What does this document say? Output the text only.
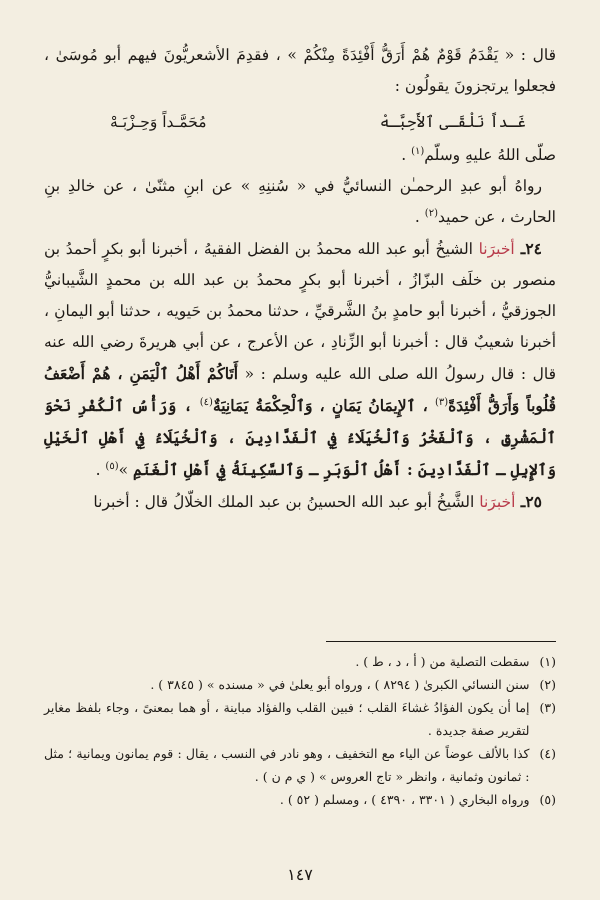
قال : « يَقْدَمُ قَوْمٌ هُمْ أَرَقُّ أَفْئِدَةً مِنْكُمْ » ، فقدِمَ الأشعريُّونَ فيهم أبو مُوسَىٰ ، فجعلوا يرتجزونَ يقولُون :

غَـداً نَلْقَـى ٱلأَحِبَّـهْ
مُحَمَّـداً وَحِـزْبَـهْ

صلّى اللهُ عليهِ وسلّم$^{(١)}$ .

رواهُ أبو عبدِ الرحمـٰن النسائيُّ في « سُننِهِ » عن ابنِ مثنّىٰ ، عن خالدِ بنِ الحارث ، عن حميد$^{(٢)}$ .

٢٤ـ أخبرَنا الشيخُ أبو عبد الله محمدُ بن الفضل الفقيهُ ، أخبرنا أبو بكرٍ أحمدُ بن منصور بن خلَف البزّازُ ، أخبرنا أبو بكرٍ محمدُ بن عبد الله بن محمدٍ الشَّيبانيُّ الجوزقيُّ ، أخبرنا أبو حامدٍ بنُ الشَّرقيِّ ، حدثنا محمدُ بن حَيويه ، حدثنا أبو اليمانِ ، أخبرنا شعيبٌ قال : أخبرنا أبو الزِّنادِ ، عن الأعرج ، عن أبي هريرةَ رضي الله عنه قال : قال رسولُ الله صلى الله عليه وسلم : « أَتَاكُمْ أَهْلُ ٱلْيَمَنِ ، هُمْ أَضْعَفُ قُلُوباً وَأَرَقُّ أَفْئِدَةً$^{(٣)}$ ، ٱلإِيمَانُ يَمَانٍ ، وَٱلْحِكْمَةُ يَمَانِيَةٌ$^{(٤)}$ ، وَرَأْسُ ٱلْكُفْرِ نَحْوَ ٱلْمَشْرِقِ ، وَٱلْفَخْرُ وَٱلْخُيَلَاءُ فِي ٱلْفَدَّادِينَ ، وَٱلْخُيَلَاءُ فِي أَهْلِ ٱلْخَيْلِ وَٱلإِبِلِ ـ ٱلْفَدَّادِينَ : أَهْلُ ٱلْوَبَرِ ـ وَٱلسَّكِينَةُ فِي أَهْلِ ٱلْغَنَمِ »$^{(٥)}$ .

٢٥ـ أخبرَنا الشَّيخُ أبو عبد الله الحسينُ بن عبد الملك الخلّالُ قال : أخبرنا

(١)
سقطت التصلية من ( أ ، د ، ط ) .
(٢)
سنن النسائي الكبرىٰ ( ٨٢٩٤ ) ، ورواه أبو يعلىٰ في « مسنده » ( ٣٨٤٥ ) .
(٣)
إما أن يكون الفؤادُ غشاءَ القلب ؛ فبين القلب والفؤاد مباينة ، أو هما بمعنىً ، وجاء بلفظ مغاير لتقرير صفة جديدة .
(٤)
كذا بالألف عوضاً عن الياء مع التخفيف ، وهو نادر في النسب ، يقال : قوم يمانون ويمانية ؛ مثل : ثمانون وثمانية ، وانظر « تاج العروس » ( ي م ن ) .
(٥)
ورواه البخاري ( ٣٣٠١ ، ٤٣٩٠ ) ، ومسلم ( ٥٢ ) .
١٤٧
